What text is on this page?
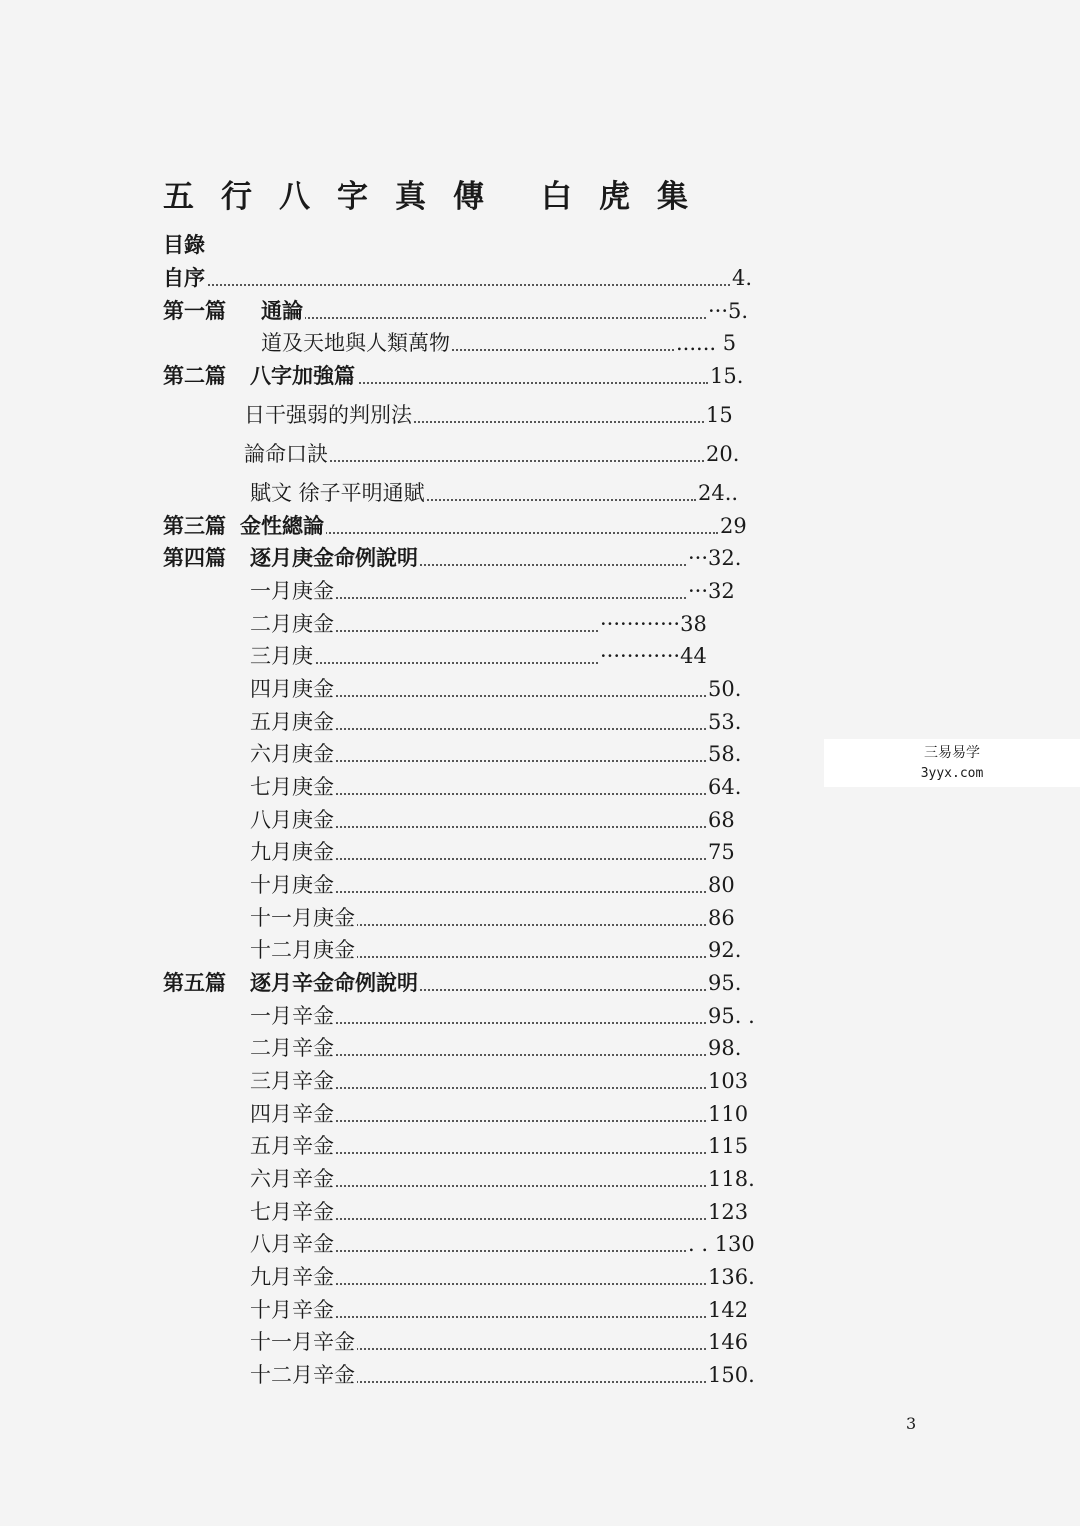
五 行 八 字 真 傳 白 虎 集
目錄
自序	4.
第一篇 通論	···5.
道及天地與人類萬物	...... 5
第二篇 八字加強篇	15.
日干强弱的判別法	15
論命口訣	20.
賦文 徐子平明通賦	24..
第三篇 金性總論	29
第四篇 逐月庚金命例說明	···32.
一月庚金	···32
二月庚金	············38
三月庚	············44
四月庚金	50.
五月庚金	53.
六月庚金	58.
七月庚金	64.
八月庚金	68
九月庚金	75
十月庚金	80
十一月庚金	86
十二月庚金	92.
第五篇 逐月辛金命例說明	95.
一月辛金	95. .
二月辛金	98.
三月辛金	103
四月辛金	110
五月辛金	115
六月辛金	118.
七月辛金	123
八月辛金	. . 130
九月辛金	136.
十月辛金	142
十一月辛金	146
十二月辛金	150.
3
三易易学
3yyx.com
